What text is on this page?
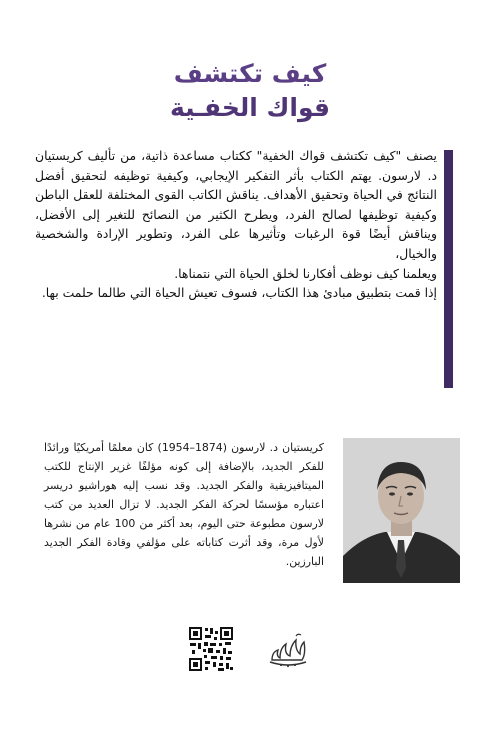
كيف تكتشف
قواك الخفـية

يصنف "كيف تكتشف قواك الخفية" ككتاب مساعدة ذاتية، من تأليف كريستيان د. لارسون. يهتم الكتاب بأثر التفكير الإيجابي، وكيفية توظيفه لتحقيق أفضل النتائج في الحياة وتحقيق الأهداف. يناقش الكاتب القوى المختلفة للعقل الباطن وكيفية توظيفها لصالح الفرد، ويطرح الكثير من النصائح للتغير إلى الأفضل، ويناقش أيضًا قوة الرغبات وتأثيرها على الفرد، وتطوير الإرادة والشخصية والخيال،

ويعلمنا كيف نوظف أفكارنا لخلق الحياة التي نتمناها.

إذا قمت بتطبيق مبادئ هذا الكتاب، فسوف تعيش الحياة التي طالما حلمت بها.

كريستيان د. لارسون (1874–1954) كان معلمًا أمريكيًا ورائدًا للفكر الجديد، بالإضافة إلى كونه مؤلفًا غزير الإنتاج للكتب الميتافيزيقية والفكر الجديد. وقد نسب إليه هوراشيو دريسر اعتباره مؤسسًا لحركة الفكر الجديد. لا تزال العديد من كتب لارسون مطبوعة حتى اليوم، بعد أكثر من 100 عام من نشرها لأول مرة، وقد أثرت كتاباته على مؤلفي وقادة الفكر الجديد البارزين.
